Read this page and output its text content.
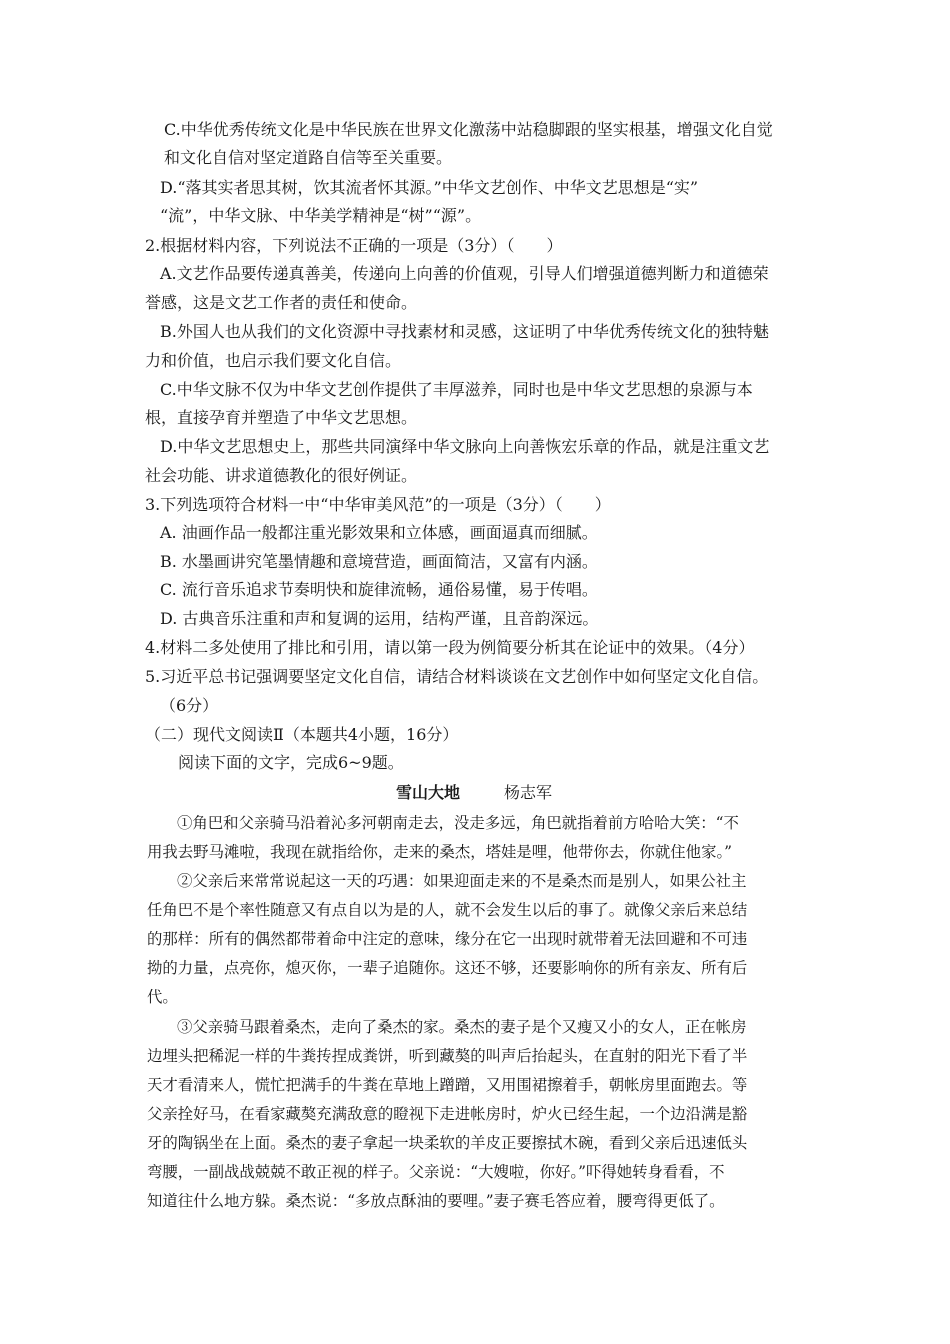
C.中华优秀传统文化是中华民族在世界文化激荡中站稳脚跟的坚实根基，增强文化自觉
和文化自信对坚定道路自信等至关重要。
D.“落其实者思其树，饮其流者怀其源。”中华文艺创作、中华文艺思想是“实”
“流”，中华文脉、中华美学精神是“树”“源”。
2.根据材料内容，下列说法不正确的一项是（3分）（　　）
A.文艺作品要传递真善美，传递向上向善的价值观，引导人们增强道德判断力和道德荣
誉感，这是文艺工作者的责任和使命。
B.外国人也从我们的文化资源中寻找素材和灵感，这证明了中华优秀传统文化的独特魅
力和价值，也启示我们要文化自信。
C.中华文脉不仅为中华文艺创作提供了丰厚滋养，同时也是中华文艺思想的泉源与本
根，直接孕育并塑造了中华文艺思想。
D.中华文艺思想史上，那些共同演绎中华文脉向上向善恢宏乐章的作品，就是注重文艺
社会功能、讲求道德教化的很好例证。
3.下列选项符合材料一中“中华审美风范”的一项是（3分）（　　）
A. 油画作品一般都注重光影效果和立体感，画面逼真而细腻。
B. 水墨画讲究笔墨情趣和意境营造，画面简洁，又富有内涵。
C. 流行音乐追求节奏明快和旋律流畅，通俗易懂，易于传唱。
D. 古典音乐注重和声和复调的运用，结构严谨，且音韵深远。
4.材料二多处使用了排比和引用，请以第一段为例简要分析其在论证中的效果。（4分）
5.习近平总书记强调要坚定文化自信，请结合材料谈谈在文艺创作中如何坚定文化自信。
（6分）
（二）现代文阅读Ⅱ（本题共4小题，16分）
阅读下面的文字，完成6~9题。
雪山大地	杨志军
①角巴和父亲骑马沿着沁多河朝南走去，没走多远，角巴就指着前方哈哈大笑：“不
用我去野马滩啦，我现在就指给你，走来的桑杰，塔娃是哩，他带你去，你就住他家。”
②父亲后来常常说起这一天的巧遇：如果迎面走来的不是桑杰而是别人，如果公社主
任角巴不是个率性随意又有点自以为是的人，就不会发生以后的事了。就像父亲后来总结
的那样：所有的偶然都带着命中注定的意味，缘分在它一出现时就带着无法回避和不可违
拗的力量，点亮你，熄灭你，一辈子追随你。这还不够，还要影响你的所有亲友、所有后
代。
③父亲骑马跟着桑杰，走向了桑杰的家。桑杰的妻子是个又瘦又小的女人，正在帐房
边埋头把稀泥一样的牛粪抟捏成粪饼，听到藏獒的叫声后抬起头，在直射的阳光下看了半
天才看清来人，慌忙把满手的牛粪在草地上蹭蹭，又用围裙擦着手，朝帐房里面跑去。等
父亲拴好马，在看家藏獒充满敌意的瞪视下走进帐房时，炉火已经生起，一个边沿满是豁
牙的陶锅坐在上面。桑杰的妻子拿起一块柔软的羊皮正要擦拭木碗，看到父亲后迅速低头
弯腰，一副战战兢兢不敢正视的样子。父亲说：“大嫂啦，你好。”吓得她转身看看，不
知道往什么地方躲。桑杰说：“多放点酥油的要哩。”妻子赛毛答应着，腰弯得更低了。
